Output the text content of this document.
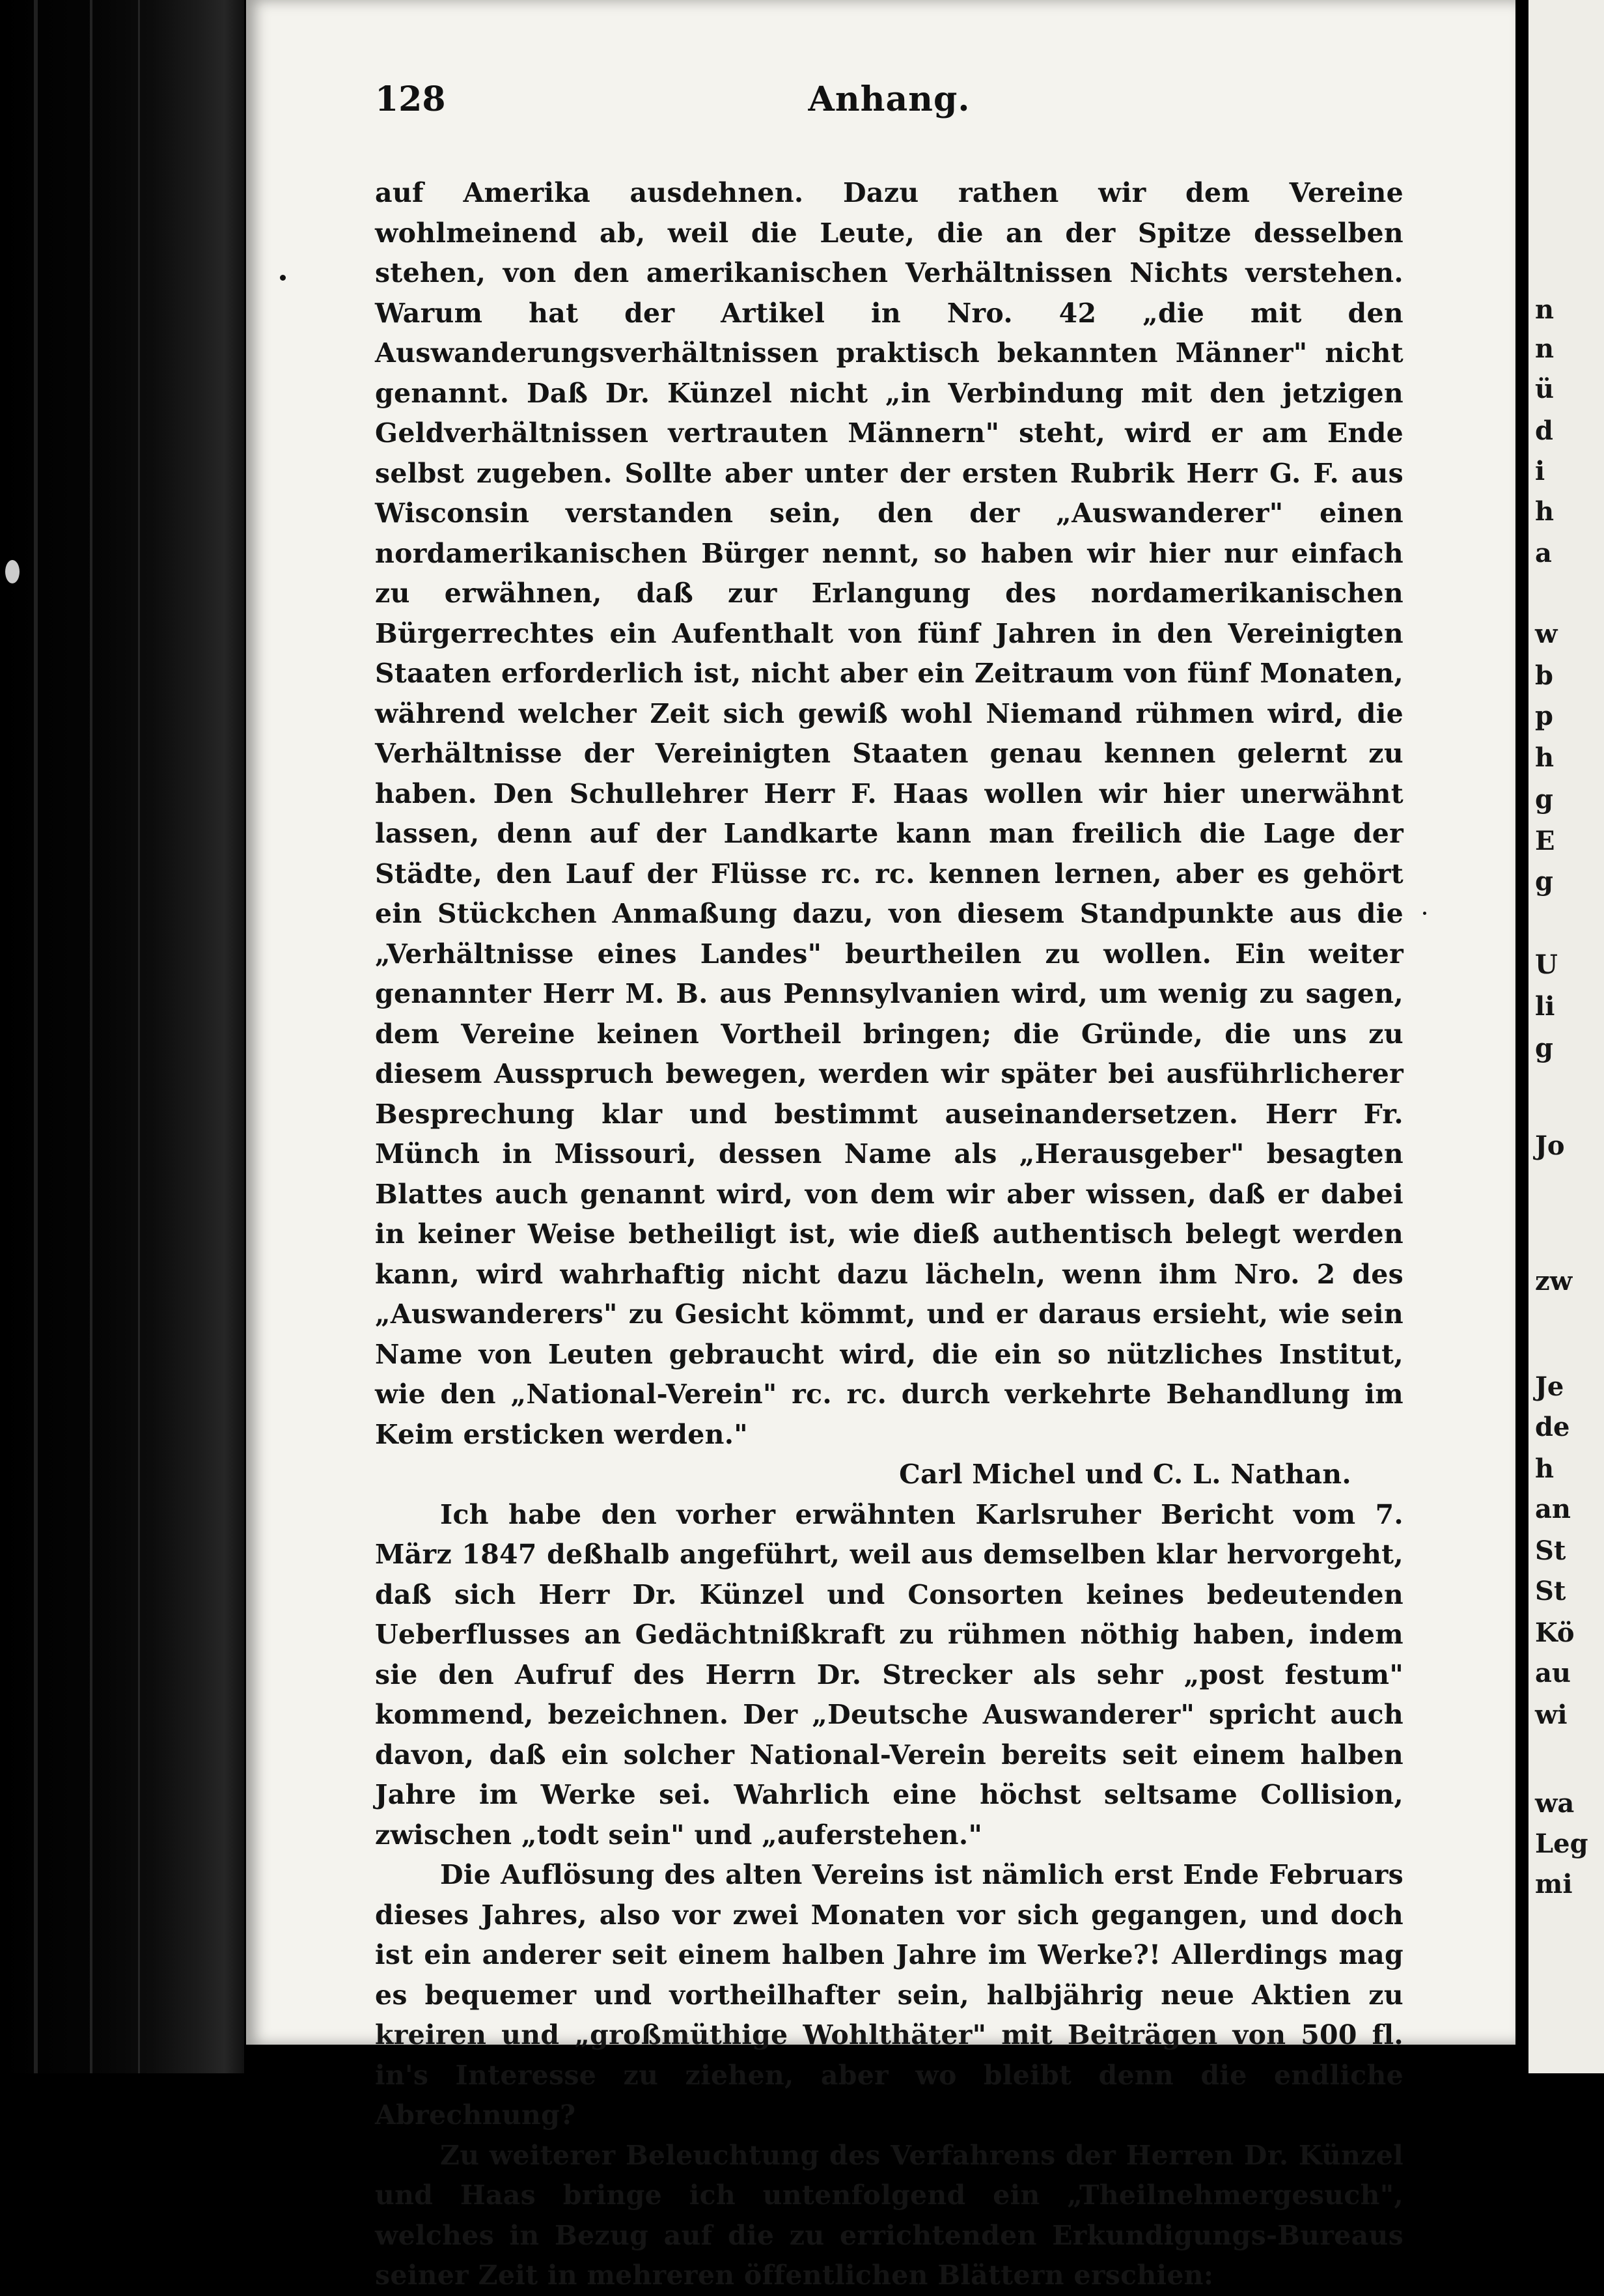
128	Anhang.

auf Amerika ausdehnen. Dazu rathen wir dem Vereine wohlmeinend ab, weil die Leute, die an der Spitze desselben stehen, von den amerikanischen Verhältnissen Nichts verstehen. Warum hat der Artikel in Nro. 42 „die mit den Auswanderungsverhältnissen praktisch bekannten Männer" nicht genannt. Daß Dr. Künzel nicht „in Verbindung mit den jetzigen Geldverhältnissen vertrauten Männern" steht, wird er am Ende selbst zugeben. Sollte aber unter der ersten Rubrik Herr G. F. aus Wisconsin verstanden sein, den der „Auswanderer" einen nordamerikanischen Bürger nennt, so haben wir hier nur einfach zu erwähnen, daß zur Erlangung des nordamerikanischen Bürgerrechtes ein Aufenthalt von fünf Jahren in den Vereinigten Staaten erforderlich ist, nicht aber ein Zeitraum von fünf Monaten, während welcher Zeit sich gewiß wohl Niemand rühmen wird, die Verhältnisse der Vereinigten Staaten genau kennen gelernt zu haben. Den Schullehrer Herr F. Haas wollen wir hier unerwähnt lassen, denn auf der Landkarte kann man freilich die Lage der Städte, den Lauf der Flüsse rc. rc. kennen lernen, aber es gehört ein Stückchen Anmaßung dazu, von diesem Standpunkte aus die „Verhältnisse eines Landes" beurtheilen zu wollen. Ein weiter genannter Herr M. B. aus Pennsylvanien wird, um wenig zu sagen, dem Vereine keinen Vortheil bringen; die Gründe, die uns zu diesem Ausspruch bewegen, werden wir später bei ausführlicherer Besprechung klar und bestimmt auseinandersetzen. Herr Fr. Münch in Missouri, dessen Name als „Herausgeber" besagten Blattes auch genannt wird, von dem wir aber wissen, daß er dabei in keiner Weise betheiligt ist, wie dieß authentisch belegt werden kann, wird wahrhaftig nicht dazu lächeln, wenn ihm Nro. 2 des „Auswanderers" zu Gesicht kömmt, und er daraus ersieht, wie sein Name von Leuten gebraucht wird, die ein so nützliches Institut, wie den „National-Verein" rc. rc. durch verkehrte Behandlung im Keim ersticken werden."

Carl Michel und C. L. Nathan.

Ich habe den vorher erwähnten Karlsruher Bericht vom 7. März 1847 deßhalb angeführt, weil aus demselben klar hervorgeht, daß sich Herr Dr. Künzel und Consorten keines bedeutenden Ueberflusses an Gedächtnißkraft zu rühmen nöthig haben, indem sie den Aufruf des Herrn Dr. Strecker als sehr „post festum" kommend, bezeichnen. Der „Deutsche Auswanderer" spricht auch davon, daß ein solcher National-Verein bereits seit einem halben Jahre im Werke sei. Wahrlich eine höchst seltsame Collision, zwischen „todt sein" und „auferstehen."

Die Auflösung des alten Vereins ist nämlich erst Ende Februars dieses Jahres, also vor zwei Monaten vor sich gegangen, und doch ist ein anderer seit einem halben Jahre im Werke?! Allerdings mag es bequemer und vortheilhafter sein, halbjährig neue Aktien zu kreiren und „großmüthige Wohlthäter" mit Beiträgen von 500 fl. in's Interesse zu ziehen, aber wo bleibt denn die endliche Abrechnung?

Zu weiterer Beleuchtung des Verfahrens der Herren Dr. Künzel und Haas bringe ich untenfolgend ein „Theilnehmergesuch", welches in Bezug auf die zu errichtenden Erkundigungs-Bureaus seiner Zeit in mehreren öffentlichen Blättern erschien:

n
n
ü
d
i
h
a
w
b
p
h
g
E
g
U
li
g
Jo
zw
Je
de
h
an
St
St
Kö
au
wi
wa
Leg
mi
